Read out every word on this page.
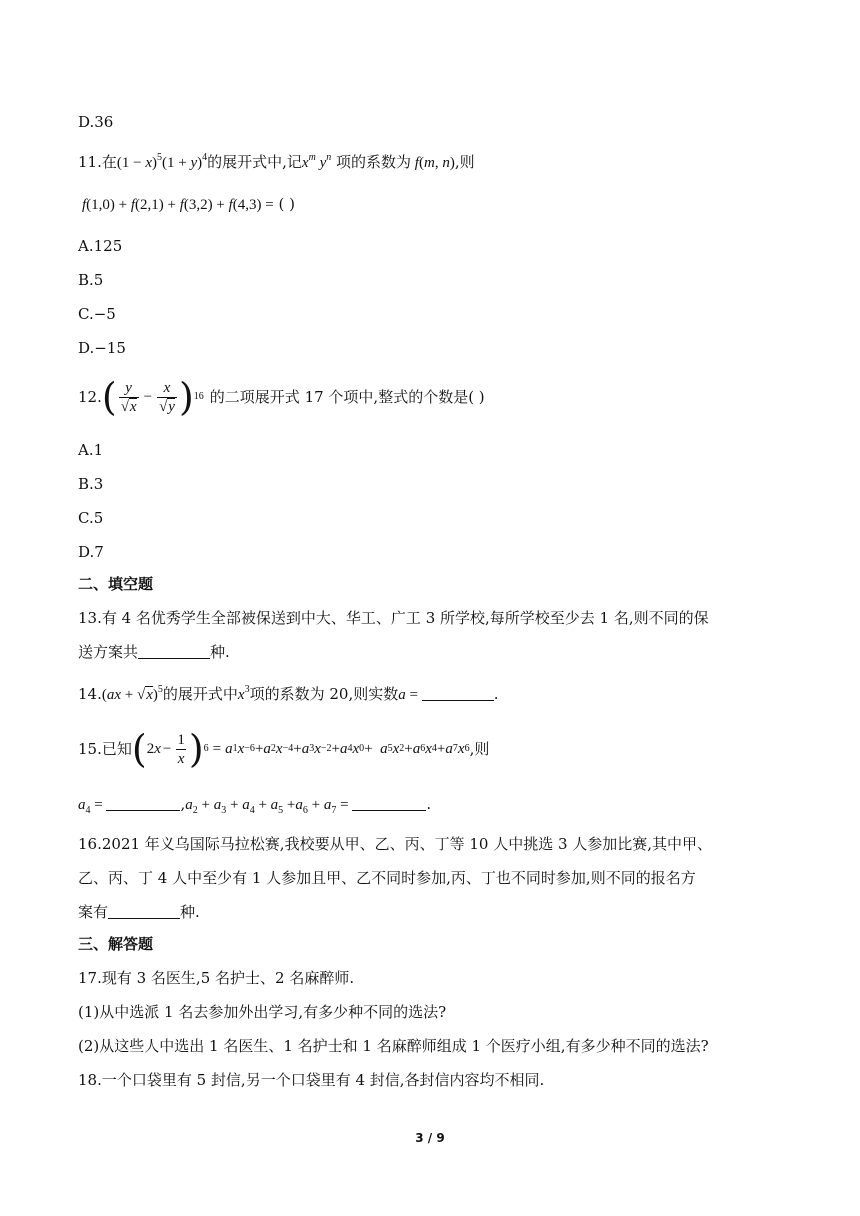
D.36
11.在$(1 - x)^5(1 + y)^4$的展开式中,记$x^m$ $y^n$ 项的系数为 f(m, n),则
f(1,0) + f(2,1) + f(3,2) + f(4,3) = ( )
A.125
B.5
C.−5
D.−15
12. ( $\frac{y}{√x} - \frac{x}{√y}$ ) 16 的二项展开式 17 个项中,整式的个数是( )
A.1
B.3
C.5
D.7
二、填空题
13.有 4 名优秀学生全部被保送到中大、华工、广工 3 所学校,每所学校至少去 1 名,则不同的保
送方案共	种.
14.(ax + √x)$^5$的展开式中$x^3$项的系数为 20,则实数a =	.
15.已知 ( 2 $x - \frac{1}{x}$ ) 6 = a 1 x −6 + a 2 x −4 + a 3 x −2 + a 4 x 0 + a 5 x 2 + a 6 x 4 + a 7 x 6 ,则
$a_4$ =	$,a_2 + a_3 + a_4 + a_5 +a_6 + a_7$ =	.
16.2021 年义乌国际马拉松赛,我校要从甲、乙、丙、丁等 10 人中挑选 3 人参加比赛,其中甲、
乙、丙、丁 4 人中至少有 1 人参加且甲、乙不同时参加,丙、丁也不同时参加,则不同的报名方
案有	种.
三、解答题
17.现有 3 名医生,5 名护士、2 名麻醉师.
(1)从中选派 1 名去参加外出学习,有多少种不同的选法?
(2)从这些人中选出 1 名医生、1 名护士和 1 名麻醉师组成 1 个医疗小组,有多少种不同的选法?
18.一个口袋里有 5 封信,另一个口袋里有 4 封信,各封信内容均不相同.
3 / 9
